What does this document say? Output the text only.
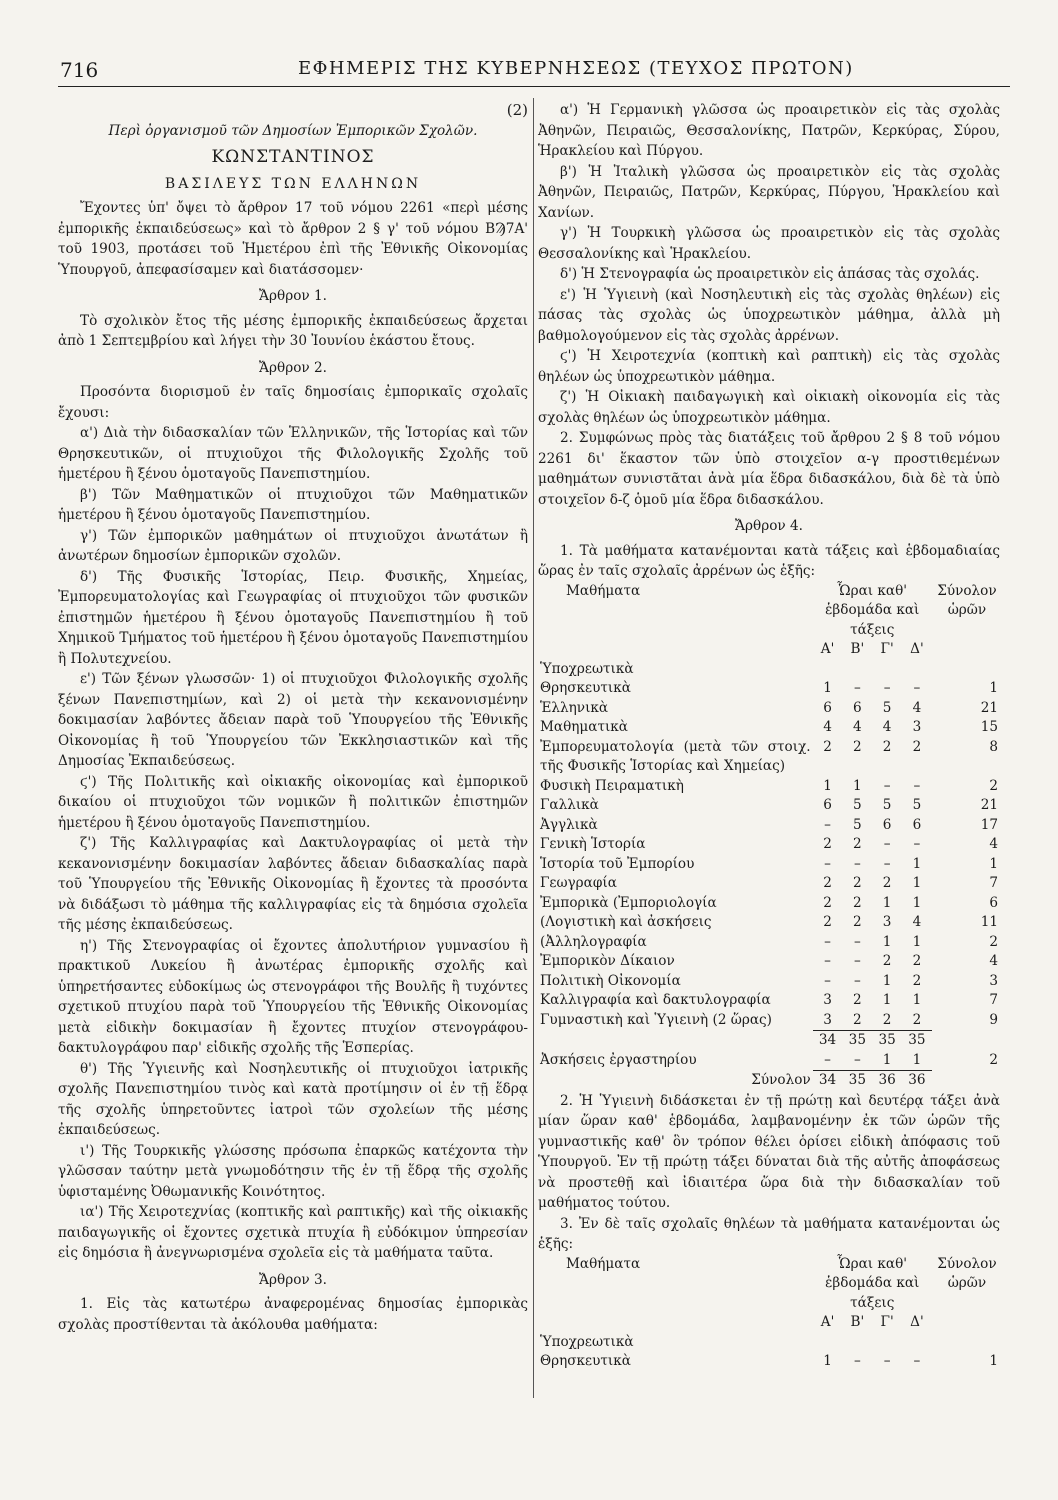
716	ΕΦΗΜΕΡΙΣ ΤΗΣ ΚΥΒΕΡΝΗΣΕΩΣ (ΤΕΥΧΟΣ ΠΡΩΤΟΝ)

(2)

Περὶ ὀργανισμοῦ τῶν Δημοσίων Ἐμπορικῶν Σχολῶν.

ΚΩΝΣΤΑΝΤΙΝΟΣ

ΒΑΣΙΛΕΥΣ ΤΩΝ ΕΛΛΗΝΩΝ

Ἔχοντες ὑπ' ὄψει τὸ ἄρθρον 17 τοῦ νόμου 2261 «περὶ μέσης ἐμπορικῆς ἐκπαιδεύσεως» καὶ τὸ ἄρθρον 2 § γ' τοῦ νόμου ΒϠ7Α' τοῦ 1903, προτάσει τοῦ Ἡμετέρου ἐπὶ τῆς Ἐθνικῆς Οἰκονομίας Ὑπουργοῦ, ἀπεφασίσαμεν καὶ διατάσσομεν·

Ἄρθρον 1.

Τὸ σχολικὸν ἔτος τῆς μέσης ἐμπορικῆς ἐκπαιδεύσεως ἄρχεται ἀπὸ 1 Σεπτεμβρίου καὶ λήγει τὴν 30 Ἰουνίου ἑκάστου ἔτους.

Ἄρθρον 2.

Προσόντα διορισμοῦ ἐν ταῖς δημοσίαις ἐμπορικαῖς σχολαῖς ἔχουσι:

α') Διὰ τὴν διδασκαλίαν τῶν Ἑλληνικῶν, τῆς Ἱστορίας καὶ τῶν Θρησκευτικῶν, οἱ πτυχιοῦχοι τῆς Φιλολογικῆς Σχολῆς τοῦ ἡμετέρου ἢ ξένου ὁμοταγοῦς Πανεπιστημίου.

β') Τῶν Μαθηματικῶν οἱ πτυχιοῦχοι τῶν Μαθηματικῶν ἡμετέρου ἢ ξένου ὁμοταγοῦς Πανεπιστημίου.

γ') Τῶν ἐμπορικῶν μαθημάτων οἱ πτυχιοῦχοι ἀνωτάτων ἢ ἀνωτέρων δημοσίων ἐμπορικῶν σχολῶν.

δ') Τῆς Φυσικῆς Ἱστορίας, Πειρ. Φυσικῆς, Χημείας, Ἐμπορευματολογίας καὶ Γεωγραφίας οἱ πτυχιοῦχοι τῶν φυσικῶν ἐπιστημῶν ἡμετέρου ἢ ξένου ὁμοταγοῦς Πανεπιστημίου ἢ τοῦ Χημικοῦ Τμήματος τοῦ ἡμετέρου ἢ ξένου ὁμοταγοῦς Πανεπιστημίου ἢ Πολυτεχνείου.

ε') Τῶν ξένων γλωσσῶν· 1) οἱ πτυχιοῦχοι Φιλολογικῆς σχολῆς ξένων Πανεπιστημίων, καὶ 2) οἱ μετὰ τὴν κεκανονισμένην δοκιμασίαν λαβόντες ἄδειαν παρὰ τοῦ Ὑπουργείου τῆς Ἐθνικῆς Οἰκονομίας ἢ τοῦ Ὑπουργείου τῶν Ἐκκλησιαστικῶν καὶ τῆς Δημοσίας Ἐκπαιδεύσεως.

ϛ') Τῆς Πολιτικῆς καὶ οἰκιακῆς οἰκονομίας καὶ ἐμπορικοῦ δικαίου οἱ πτυχιοῦχοι τῶν νομικῶν ἢ πολιτικῶν ἐπιστημῶν ἡμετέρου ἢ ξένου ὁμοταγοῦς Πανεπιστημίου.

ζ') Τῆς Καλλιγραφίας καὶ Δακτυλογραφίας οἱ μετὰ τὴν κεκανονισμένην δοκιμασίαν λαβόντες ἄδειαν διδασκαλίας παρὰ τοῦ Ὑπουργείου τῆς Ἐθνικῆς Οἰκονομίας ἢ ἔχοντες τὰ προσόντα νὰ διδάξωσι τὸ μάθημα τῆς καλλιγραφίας εἰς τὰ δημόσια σχολεῖα τῆς μέσης ἐκπαιδεύσεως.

η') Τῆς Στενογραφίας οἱ ἔχοντες ἀπολυτήριον γυμνασίου ἢ πρακτικοῦ Λυκείου ἢ ἀνωτέρας ἐμπορικῆς σχολῆς καὶ ὑπηρετήσαντες εὐδοκίμως ὡς στενογράφοι τῆς Βουλῆς ἢ τυχόντες σχετικοῦ πτυχίου παρὰ τοῦ Ὑπουργείου τῆς Ἐθνικῆς Οἰκονομίας μετὰ εἰδικὴν δοκιμασίαν ἢ ἔχοντες πτυχίον στενογράφου-δακτυλογράφου παρ' εἰδικῆς σχολῆς τῆς Ἑσπερίας.

θ') Τῆς Ὑγιεινῆς καὶ Νοσηλευτικῆς οἱ πτυχιοῦχοι ἰατρικῆς σχολῆς Πανεπιστημίου τινὸς καὶ κατὰ προτίμησιν οἱ ἐν τῇ ἕδρᾳ τῆς σχολῆς ὑπηρετοῦντες ἰατροὶ τῶν σχολείων τῆς μέσης ἐκπαιδεύσεως.

ι') Τῆς Τουρκικῆς γλώσσης πρόσωπα ἐπαρκῶς κατέχοντα τὴν γλῶσσαν ταύτην μετὰ γνωμοδότησιν τῆς ἐν τῇ ἕδρᾳ τῆς σχολῆς ὑφισταμένης Ὀθωμανικῆς Κοινότητος.

ια') Τῆς Χειροτεχνίας (κοπτικῆς καὶ ραπτικῆς) καὶ τῆς οἰκιακῆς παιδαγωγικῆς οἱ ἔχοντες σχετικὰ πτυχία ἢ εὐδόκιμον ὑπηρεσίαν εἰς δημόσια ἢ ἀνεγνωρισμένα σχολεῖα εἰς τὰ μαθήματα ταῦτα.

Ἄρθρον 3.

1. Εἰς τὰς κατωτέρω ἀναφερομένας δημοσίας ἐμπορικὰς σχολὰς προστίθενται τὰ ἀκόλουθα μαθήματα:

α') Ἡ Γερμανικὴ γλῶσσα ὡς προαιρετικὸν εἰς τὰς σχολὰς Ἀθηνῶν, Πειραιῶς, Θεσσαλονίκης, Πατρῶν, Κερκύρας, Σύρου, Ἡρακλείου καὶ Πύργου.

β') Ἡ Ἰταλικὴ γλῶσσα ὡς προαιρετικὸν εἰς τὰς σχολὰς Ἀθηνῶν, Πειραιῶς, Πατρῶν, Κερκύρας, Πύργου, Ἡρακλείου καὶ Χανίων.

γ') Ἡ Τουρκικὴ γλῶσσα ὡς προαιρετικὸν εἰς τὰς σχολὰς Θεσσαλονίκης καὶ Ἡρακλείου.

δ') Ἡ Στενογραφία ὡς προαιρετικὸν εἰς ἁπάσας τὰς σχολάς.

ε') Ἡ Ὑγιεινὴ (καὶ Νοσηλευτικὴ εἰς τὰς σχολὰς θηλέων) εἰς πάσας τὰς σχολὰς ὡς ὑποχρεωτικὸν μάθημα, ἀλλὰ μὴ βαθμολογούμενον εἰς τὰς σχολὰς ἀρρένων.

ϛ') Ἡ Χειροτεχνία (κοπτικὴ καὶ ραπτικὴ) εἰς τὰς σχολὰς θηλέων ὡς ὑποχρεωτικὸν μάθημα.

ζ') Ἡ Οἰκιακὴ παιδαγωγικὴ καὶ οἰκιακὴ οἰκονομία εἰς τὰς σχολὰς θηλέων ὡς ὑποχρεωτικὸν μάθημα.

2. Συμφώνως πρὸς τὰς διατάξεις τοῦ ἄρθρου 2 § 8 τοῦ νόμου 2261 δι' ἕκαστον τῶν ὑπὸ στοιχεῖον α-γ προστιθεμένων μαθημάτων συνιστᾶται ἀνὰ μία ἕδρα διδασκάλου, διὰ δὲ τὰ ὑπὸ στοιχεῖον δ-ζ ὁμοῦ μία ἕδρα διδασκάλου.

Ἄρθρον 4.

1. Τὰ μαθήματα κατανέμονται κατὰ τάξεις καὶ ἑβδομαδιαίας ὥρας ἐν ταῖς σχολαῖς ἀρρένων ὡς ἑξῆς:

Μαθήματα	Ὧραι καθ' ἑβδομάδα καὶ τάξεις				Σύνολον ὡρῶν
	Α'	Β'	Γ'	Δ'	
Ὑποχρεωτικὰ					
Θρησκευτικὰ	1	–	–	–	1
Ἑλληνικὰ	6	6	5	4	21
Μαθηματικὰ	4	4	4	3	15
Ἐμπορευματολογία (μετὰ τῶν στοιχ. τῆς Φυσικῆς Ἱστορίας καὶ Χημείας)	2	2	2	2	8
Φυσικὴ Πειραματικὴ	1	1	–	–	2
Γαλλικὰ	6	5	5	5	21
Ἀγγλικὰ	–	5	6	6	17
Γενικὴ Ἱστορία	2	2	–	–	4
Ἱστορία τοῦ Ἐμπορίου	–	–	–	1	1
Γεωγραφία	2	2	2	1	7
Ἐμπορικὰ (Ἐμποριολογία	2	2	1	1	6
(Λογιστικὴ καὶ ἀσκήσεις	2	2	3	4	11
(Ἀλληλογραφία	–	–	1	1	2
Ἐμπορικὸν Δίκαιον	–	–	2	2	4
Πολιτικὴ Οἰκονομία	–	–	1	2	3
Καλλιγραφία καὶ δακτυλογραφία	3	2	1	1	7
Γυμναστικὴ καὶ Ὑγιεινὴ (2 ὥρας)	3	2	2	2	9
	34	35	35	35	
Ἀσκήσεις ἐργαστηρίου	–	–	1	1	2
Σύνολον	34	35	36	36	

2. Ἡ Ὑγιεινὴ διδάσκεται ἐν τῇ πρώτῃ καὶ δευτέρᾳ τάξει ἀνὰ μίαν ὥραν καθ' ἑβδομάδα, λαμβανομένην ἐκ τῶν ὡρῶν τῆς γυμναστικῆς καθ' ὃν τρόπον θέλει ὁρίσει εἰδικὴ ἀπόφασις τοῦ Ὑπουργοῦ. Ἐν τῇ πρώτῃ τάξει δύναται διὰ τῆς αὐτῆς ἀποφάσεως νὰ προστεθῇ καὶ ἰδιαιτέρα ὥρα διὰ τὴν διδασκαλίαν τοῦ μαθήματος τούτου.

3. Ἐν δὲ ταῖς σχολαῖς θηλέων τὰ μαθήματα κατανέμονται ὡς ἑξῆς:

Μαθήματα	Ὧραι καθ' ἑβδομάδα καὶ τάξεις				Σύνολον ὡρῶν
	Α'	Β'	Γ'	Δ'	
Ὑποχρεωτικὰ					
Θρησκευτικὰ	1	–	–	–	1
